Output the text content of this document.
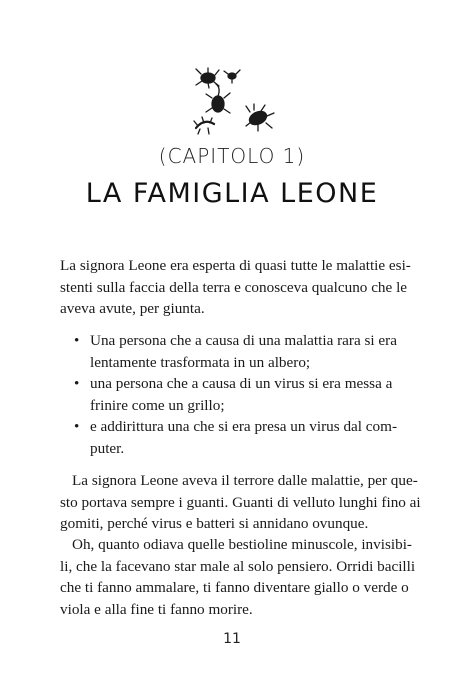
(CAPITOLO 1)
LA FAMIGLIA LEONE
La signora Leone era esperta di quasi tutte le malattie esi-
stenti sulla faccia della terra e conosceva qualcuno che le
aveva avute, per giunta.
• Una persona che a causa di una malattia rara si era
lentamente trasformata in un albero;
• una persona che a causa di un virus si era messa a
frinire come un grillo;
• e addirittura una che si era presa un virus dal com-
puter.
La signora Leone aveva il terrore dalle malattie, per que-
sto portava sempre i guanti. Guanti di velluto lunghi fino ai
gomiti, perché virus e batteri si annidano ovunque.
Oh, quanto odiava quelle bestioline minuscole, invisibi-
li, che la facevano star male al solo pensiero. Orridi bacilli
che ti fanno ammalare, ti fanno diventare giallo o verde o
viola e alla fine ti fanno morire.
11
